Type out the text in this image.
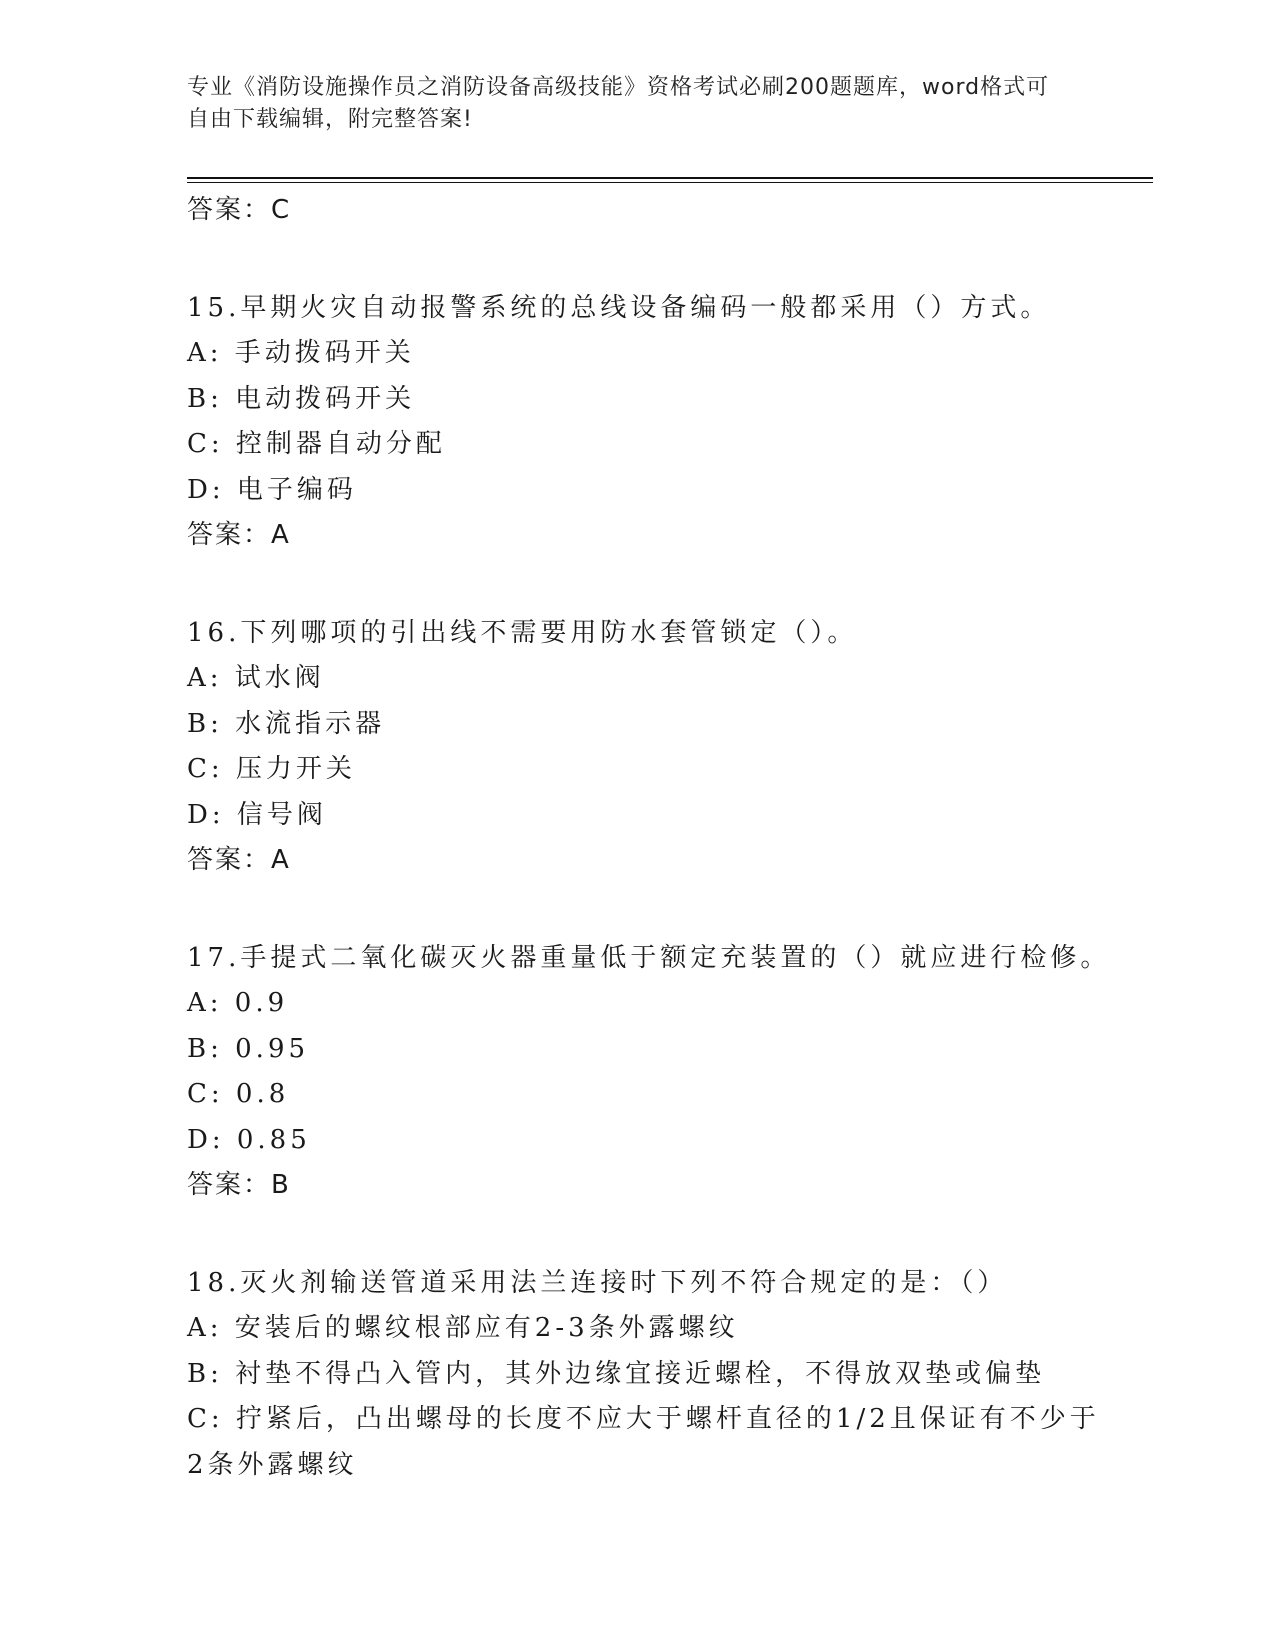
专业《消防设施操作员之消防设备高级技能》资格考试必刷200题题库，word格式可自由下载编辑，附完整答案!
答案：C
15.早期火灾自动报警系统的总线设备编码一般都采用（）方式。
A: 手动拨码开关
B: 电动拨码开关
C: 控制器自动分配
D: 电子编码
答案：A
16.下列哪项的引出线不需要用防水套管锁定（）。
A: 试水阀
B: 水流指示器
C: 压力开关
D: 信号阀
答案：A
17.手提式二氧化碳灭火器重量低于额定充装置的（）就应进行检修。
A: 0.9
B: 0.95
C: 0.8
D: 0.85
答案：B
18.灭火剂输送管道采用法兰连接时下列不符合规定的是：（）
A: 安装后的螺纹根部应有2-3条外露螺纹
B: 衬垫不得凸入管内，其外边缘宜接近螺栓，不得放双垫或偏垫
C: 拧紧后，凸出螺母的长度不应大于螺杆直径的1/2且保证有不少于
2条外露螺纹
